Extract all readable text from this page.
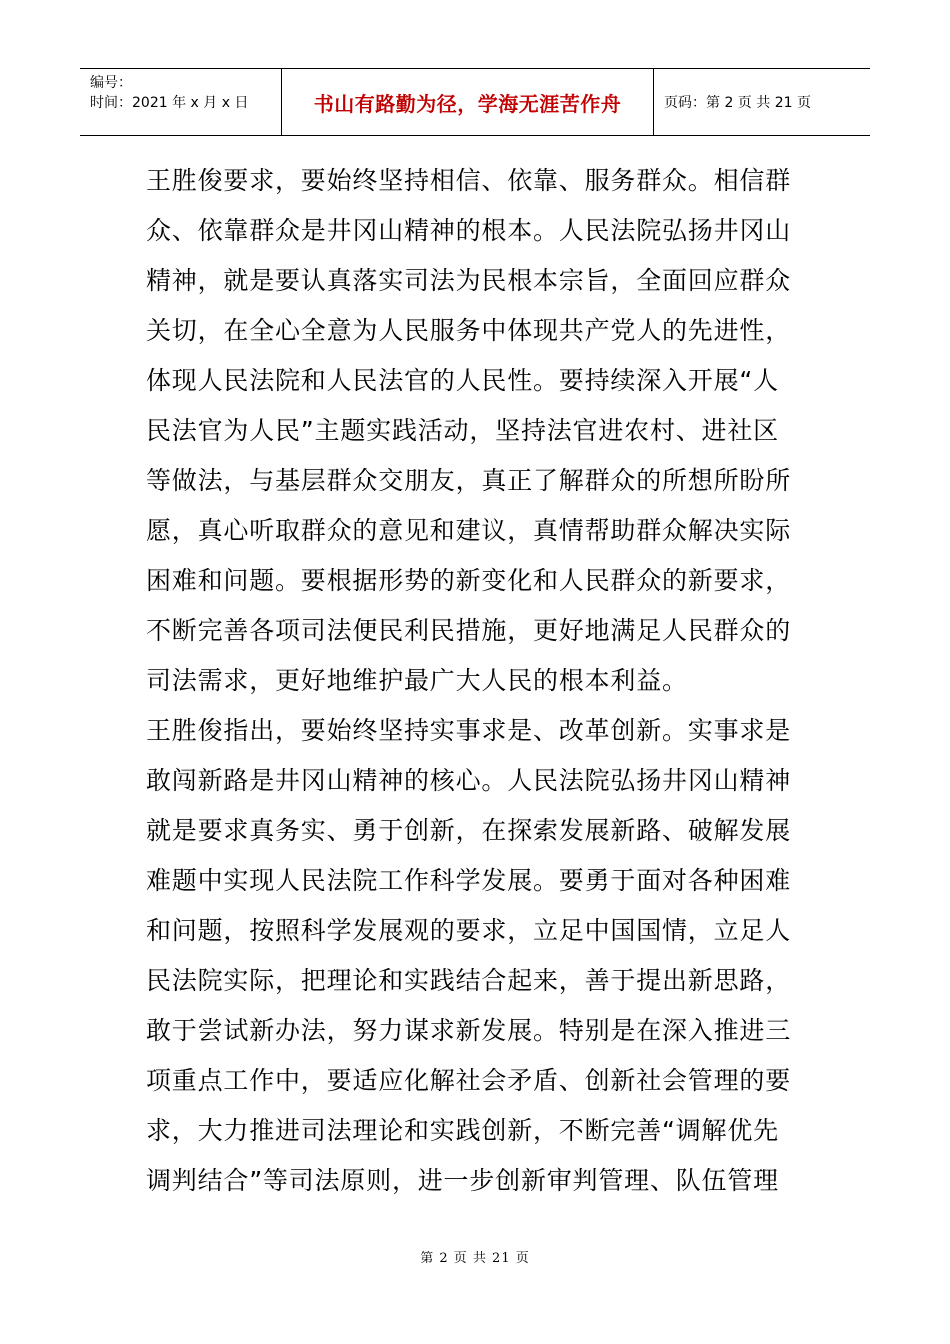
编号：
时间：2021 年 x 月 x 日	书山有路勤为径，学海无涯苦作舟	页码：第 2 页 共 21 页
王胜俊要求，要始终坚持相信、依靠、服务群众。相信群
众、依靠群众是井冈山精神的根本。人民法院弘扬井冈山
精神，就是要认真落实司法为民根本宗旨，全面回应群众
关切，在全心全意为人民服务中体现共产党人的先进性，
体现人民法院和人民法官的人民性。要持续深入开展“人
民法官为人民”主题实践活动，坚持法官进农村、进社区
等做法，与基层群众交朋友，真正了解群众的所想所盼所
愿，真心听取群众的意见和建议，真情帮助群众解决实际
困难和问题。要根据形势的新变化和人民群众的新要求，
不断完善各项司法便民利民措施，更好地满足人民群众的
司法需求，更好地维护最广大人民的根本利益。
王胜俊指出，要始终坚持实事求是、改革创新。实事求是
敢闯新路是井冈山精神的核心。人民法院弘扬井冈山精神
就是要求真务实、勇于创新，在探索发展新路、破解发展
难题中实现人民法院工作科学发展。要勇于面对各种困难
和问题，按照科学发展观的要求，立足中国国情，立足人
民法院实际，把理论和实践结合起来，善于提出新思路，
敢于尝试新办法，努力谋求新发展。特别是在深入推进三
项重点工作中，要适应化解社会矛盾、创新社会管理的要
求，大力推进司法理论和实践创新，不断完善“调解优先
调判结合”等司法原则，进一步创新审判管理、队伍管理
第 2 页 共 21 页
